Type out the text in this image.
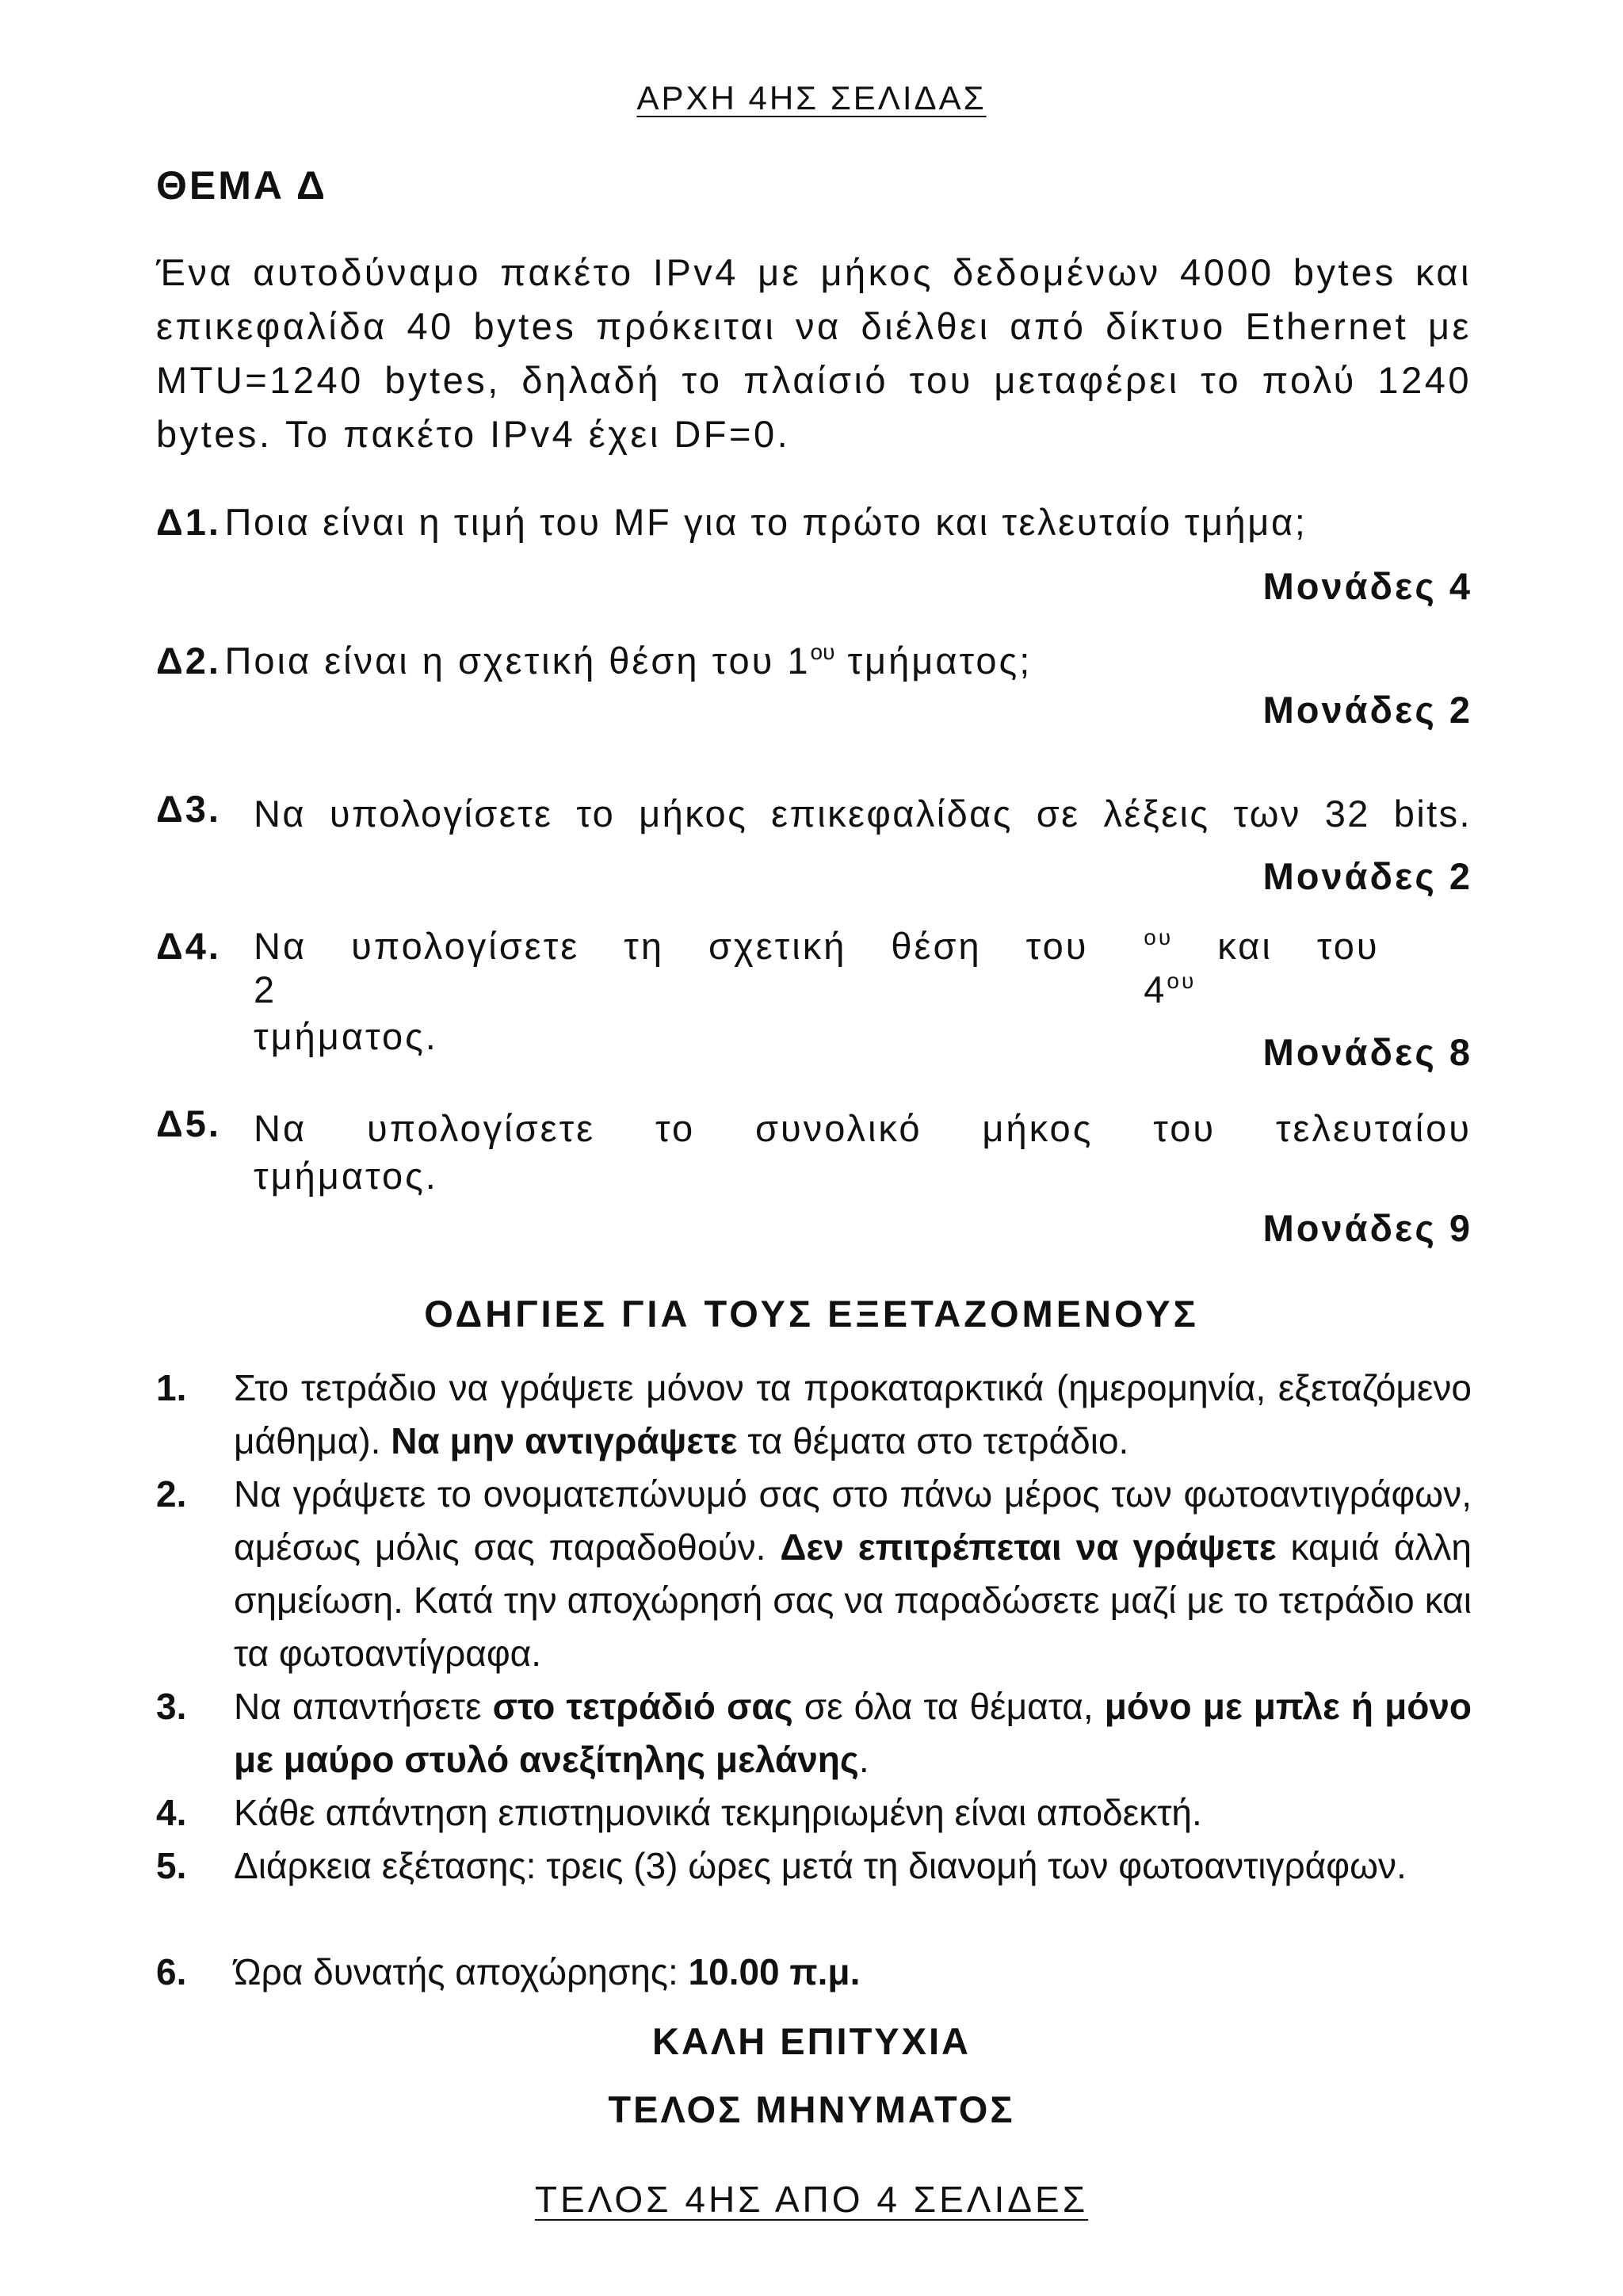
ΑΡΧΗ 4ΗΣ ΣΕΛΙΔΑΣ
ΘΕΜΑ Δ
Ένα αυτοδύναμο πακέτο IPv4 με μήκος δεδομένων 4000 bytes και επικεφαλίδα 40 bytes πρόκειται να διέλθει από δίκτυο Ethernet με MTU=1240 bytes, δηλαδή το πλαίσιό του μεταφέρει το πολύ 1240 bytes. Το πακέτο IPv4 έχει DF=0.
Δ1. Ποια είναι η τιμή του MF για το πρώτο και τελευταίο τμήμα;
Μονάδες 4
Δ2. Ποια είναι η σχετική θέση του $1^{o\upsilon}$ τμήματος;
Μονάδες 2
Δ3. Να υπολογίσετε το μήκος επικεφαλίδας σε λέξεις των 32 bits.
Μονάδες 2
Δ4. Να υπολογίσετε τη σχετική θέση του 2
$^{o\upsilon}$ και του $4^{o\upsilon}$
τμήματος.	Μονάδες 8
Δ5. Να υπολογίσετε το συνολικό μήκος του τελευταίου
τμήματος.
Μονάδες 9
ΟΔΗΓΙΕΣ ΓΙΑ ΤΟΥΣ ΕΞΕΤΑΖΟΜΕΝΟΥΣ
1. Στο τετράδιο να γράψετε μόνον τα προκαταρκτικά (ημερομηνία, εξεταζόμενο μάθημα). Να μην αντιγράψετε τα θέματα στο τετράδιο.
2. Να γράψετε το ονοματεπώνυμό σας στο πάνω μέρος των φωτοαντιγράφων, αμέσως μόλις σας παραδοθούν. Δεν επιτρέπεται να γράψετε καμιά άλλη σημείωση. Κατά την αποχώρησή σας να παραδώσετε μαζί με το τετράδιο και τα φωτοαντίγραφα.
3. Να απαντήσετε στο τετράδιό σας σε όλα τα θέματα, μόνο με μπλε ή μόνο με μαύρο στυλό ανεξίτηλης μελάνης.
4. Κάθε απάντηση επιστημονικά τεκμηριωμένη είναι αποδεκτή.
5. Διάρκεια εξέτασης: τρεις (3) ώρες μετά τη διανομή των φωτοαντιγράφων.
6. Ώρα δυνατής αποχώρησης: 10.00 π.μ.
ΚΑΛΗ ΕΠΙΤΥΧΙΑ
ΤΕΛΟΣ ΜΗΝΥΜΑΤΟΣ
ΤΕΛΟΣ 4ΗΣ ΑΠΟ 4 ΣΕΛΙΔΕΣ
